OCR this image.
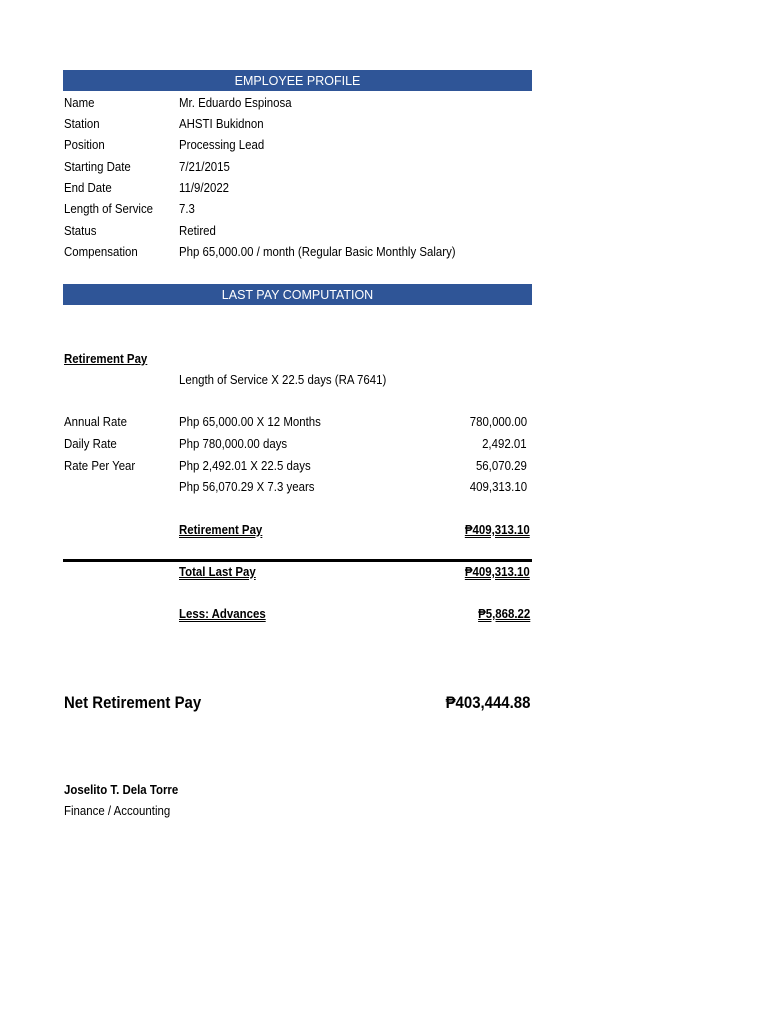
EMPLOYEE PROFILE
Name	Mr. Eduardo Espinosa
Station	AHSTI Bukidnon
Position	Processing Lead
Starting Date	7/21/2015
End Date	11/9/2022
Length of Service 7.3
Status	Retired
Compensation	Php 65,000.00 / month (Regular Basic Monthly Salary)
LAST PAY COMPUTATION
Retirement Pay
Length of Service X 22.5 days (RA 7641)
Annual Rate	Php 65,000.00 X 12 Months	780,000.00
Daily Rate	Php 780,000.00 days	2,492.01
Rate Per Year	Php 2,492.01 X 22.5 days	56,070.29
Php 56,070.29 X 7.3 years	409,313.10
Retirement Pay	₱409,313.10
Total Last Pay	₱409,313.10
Less: Advances	₱5,868.22
Net Retirement Pay	₱403,444.88
Joselito T. Dela Torre
Finance / Accounting
